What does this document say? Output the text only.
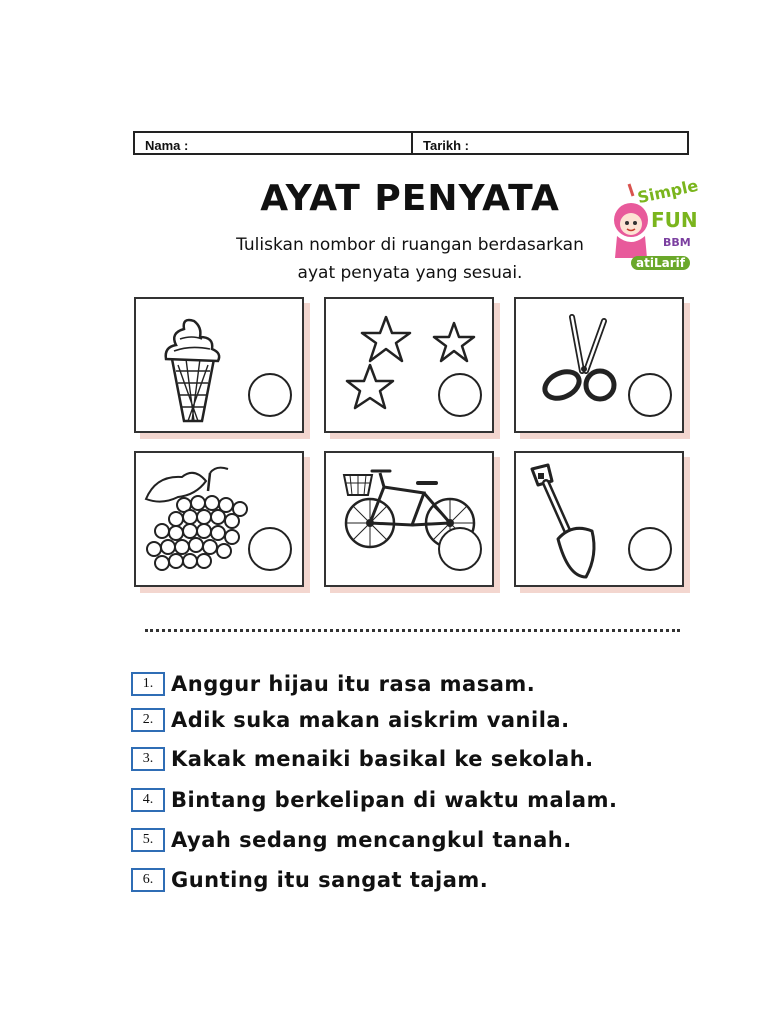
Nama :	Tarikh :
AYAT PENYATA
Tuliskan nombor di ruangan berdasarkan
ayat penyata yang sesuai.
Simple
FUN
BBM
atiLarif
1. Anggur hijau itu rasa masam.
2. Adik suka makan aiskrim vanila.
3. Kakak menaiki basikal ke sekolah.
4. Bintang berkelipan di waktu malam.
5. Ayah sedang mencangkul tanah.
6. Gunting itu sangat tajam.
